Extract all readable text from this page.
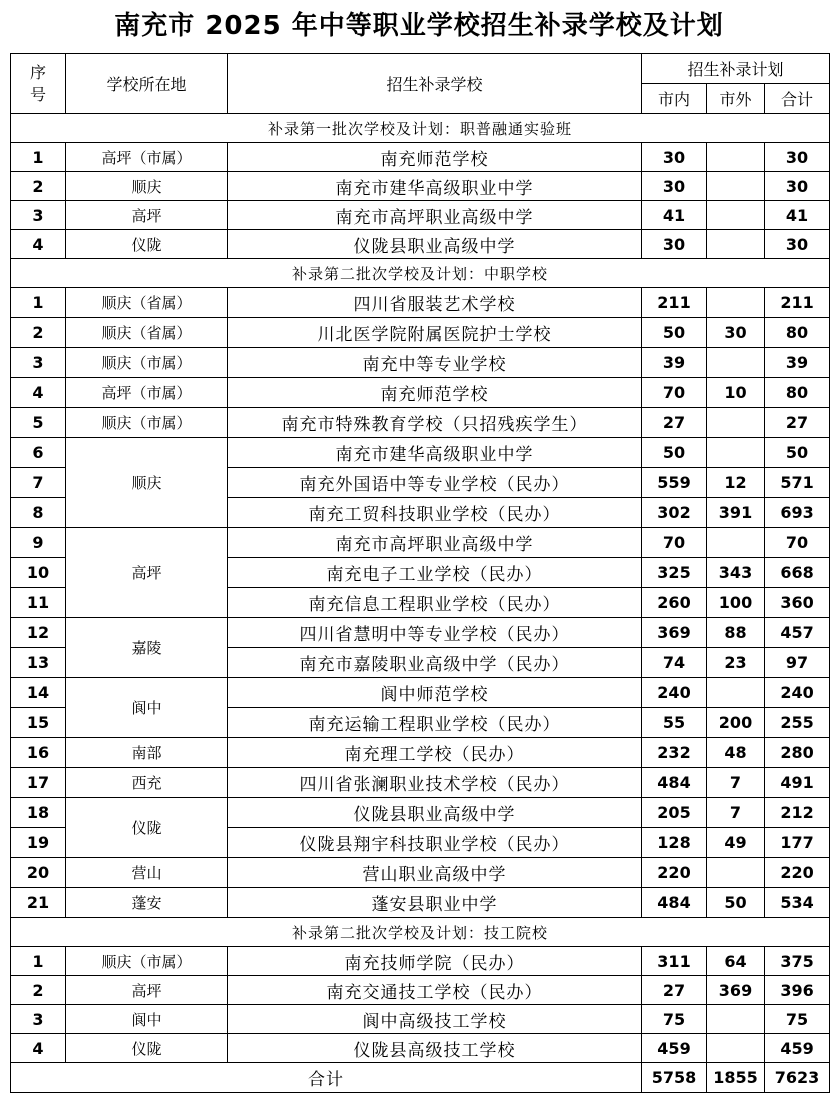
南充市 2025 年中等职业学校招生补录学校及计划
序
号	学校所在地	招生补录学校	招生补录计划		
			市内	市外	合计
补录第一批次学校及计划：职普融通实验班					
1	高坪（市属）	南充师范学校	30		30
2	顺庆	南充市建华高级职业中学	30		30
3	高坪	南充市高坪职业高级中学	41		41
4	仪陇	仪陇县职业高级中学	30		30
补录第二批次学校及计划：中职学校					
1	顺庆（省属）	四川省服装艺术学校	211		211
2	顺庆（省属）	川北医学院附属医院护士学校	50	30	80
3	顺庆（市属）	南充中等专业学校	39		39
4	高坪（市属）	南充师范学校	70	10	80
5	顺庆（市属）	南充市特殊教育学校（只招残疾学生）	27		27
6	顺庆	南充市建华高级职业中学	50		50
7		南充外国语中等专业学校（民办）	559	12	571
8		南充工贸科技职业学校（民办）	302	391	693
9	高坪	南充市高坪职业高级中学	70		70
10		南充电子工业学校（民办）	325	343	668
11		南充信息工程职业学校（民办）	260	100	360
12	嘉陵	四川省慧明中等专业学校（民办）	369	88	457
13		南充市嘉陵职业高级中学（民办）	74	23	97
14	阆中	阆中师范学校	240		240
15		南充运输工程职业学校（民办）	55	200	255
16	南部	南充理工学校（民办）	232	48	280
17	西充	四川省张澜职业技术学校（民办）	484	7	491
18	仪陇	仪陇县职业高级中学	205	7	212
19		仪陇县翔宇科技职业学校（民办）	128	49	177
20	营山	营山职业高级中学	220		220
21	蓬安	蓬安县职业中学	484	50	534
补录第二批次学校及计划：技工院校					
1	顺庆（市属）	南充技师学院（民办）	311	64	375
2	高坪	南充交通技工学校（民办）	27	369	396
3	阆中	阆中高级技工学校	75		75
4	仪陇	仪陇县高级技工学校	459		459
合计			5758	1855	7623
